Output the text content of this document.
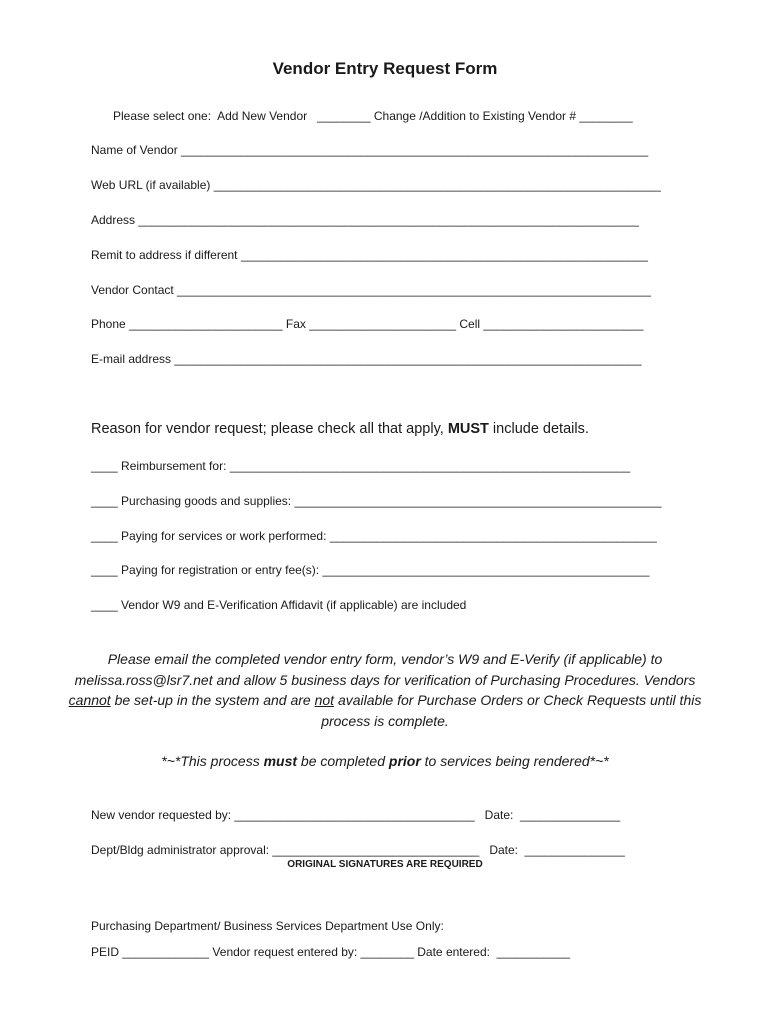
Vendor Entry Request Form
Please select one:  Add New Vendor   ________ Change /Addition to Existing Vendor # ________
Name of Vendor ______________________________________________________________________
Web URL (if available) ___________________________________________________________________
Address ___________________________________________________________________________
Remit to address if different _____________________________________________________________
Vendor Contact _______________________________________________________________________
Phone _______________________ Fax ______________________ Cell ________________________
E-mail address ______________________________________________________________________
Reason for vendor request; please check all that apply, MUST include details.
____ Reimbursement for: ____________________________________________________________
____ Purchasing goods and supplies: _______________________________________________________
____ Paying for services or work performed: _________________________________________________
____ Paying for registration or entry fee(s): _________________________________________________
____ Vendor W9 and E-Verification Affidavit (if applicable) are included
Please email the completed vendor entry form, vendor’s W9 and E-Verify (if applicable) to melissa.ross@lsr7.net and allow 5 business days for verification of Purchasing Procedures. Vendors cannot be set-up in the system and are not available for Purchase Orders or Check Requests until this process is complete.
*~*This process must be completed prior to services being rendered*~*
New vendor requested by: ____________________________________   Date:  _______________
Dept/Bldg administrator approval: _______________________________   Date:  _______________
ORIGINAL SIGNATURES ARE REQUIRED
Purchasing Department/ Business Services Department Use Only:
PEID _____________ Vendor request entered by: ________ Date entered:  ___________
